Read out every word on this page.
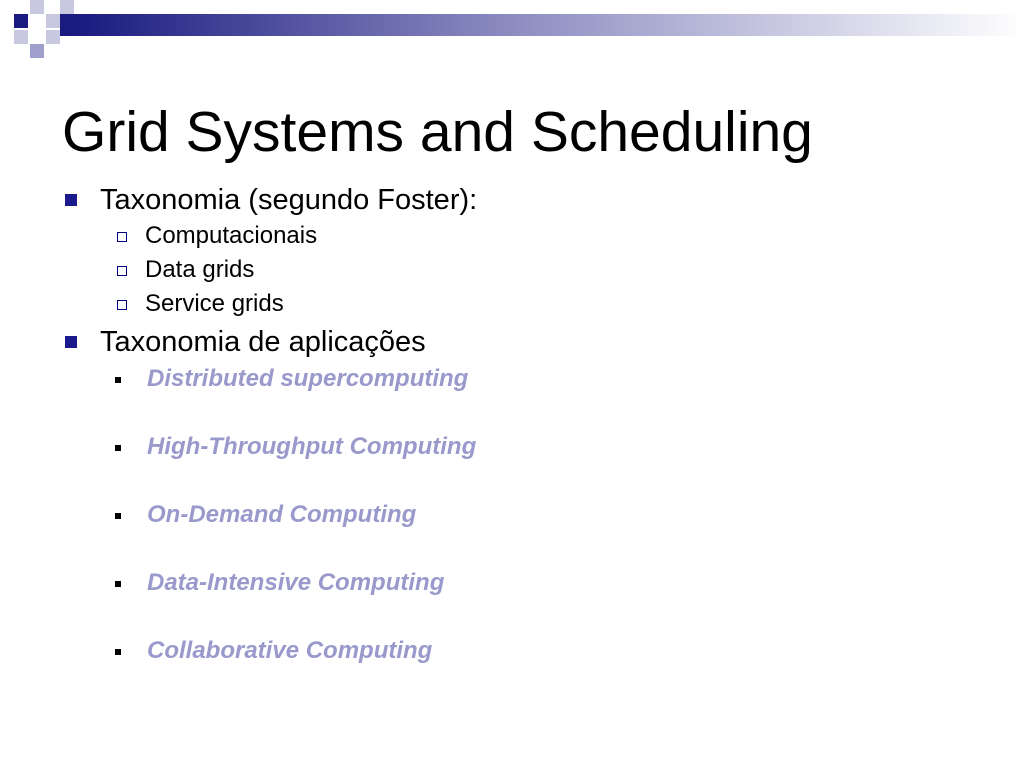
Grid Systems and Scheduling
Taxonomia (segundo Foster):
Computacionais
Data grids
Service grids
Taxonomia de aplicações
Distributed supercomputing
High-Throughput Computing
On-Demand Computing
Data-Intensive Computing
Collaborative Computing
